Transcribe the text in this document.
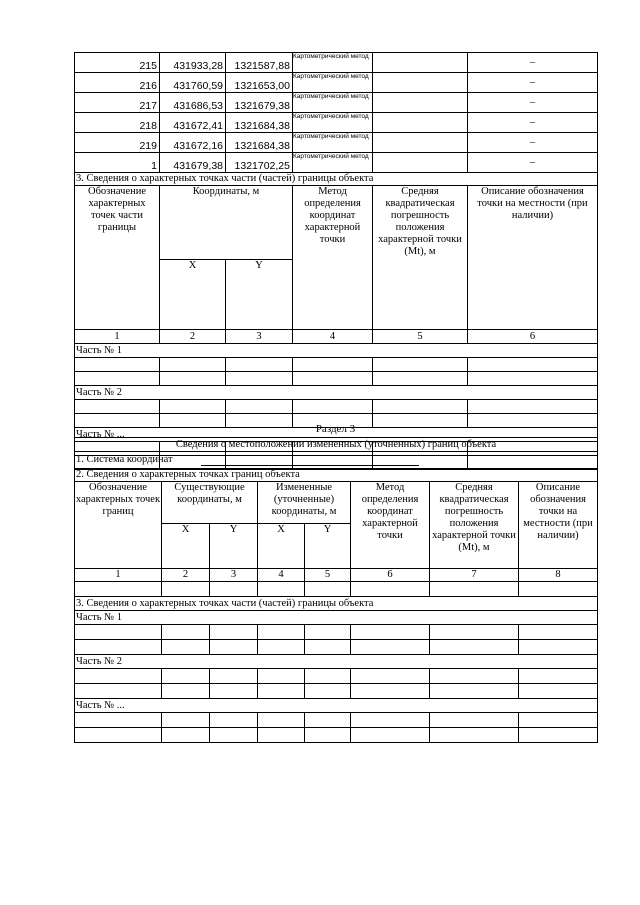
215	431933,28	1321587,88	Картометрический метод		–
216	431760,59	1321653,00	Картометрический метод		–
217	431686,53	1321679,38	Картометрический метод		–
218	431672,41	1321684,38	Картометрический метод		–
219	431672,16	1321684,38	Картометрический метод		–
1	431679,38	1321702,25	Картометрический метод		–
3. Сведения о характерных точках части (частей) границы объекта					
Обозначение характерных точек части границы	Координаты, м		Метод определения координат характерной точки	Средняя квадратическая погрешность положения характерной точки (Mt), м	Описание обозначения точки на местности (при наличии)
	X	Y			
1	2	3	4	5	6
Часть № 1					

Часть № 2					

Часть № ...					

						Раздел 3
Сведения о местоположении измененных (уточненных) границ объекта							
1. Система координат							
2. Сведения о характерных точках границ объекта							
Обозначение характерных точек границ	Существующие координаты, м		Измененные (уточненные) координаты, м		Метод определения координат характерной точки	Средняя квадратическая погрешность положения характерной точки (Mt), м	Описание обозначения точки на местности (при наличии)
	X	Y	X	Y			
1	2	3	4	5	6	7	8

3. Сведения о характерных точках части (частей) границы объекта							
Часть № 1							

Часть № 2							

Часть № ...							
